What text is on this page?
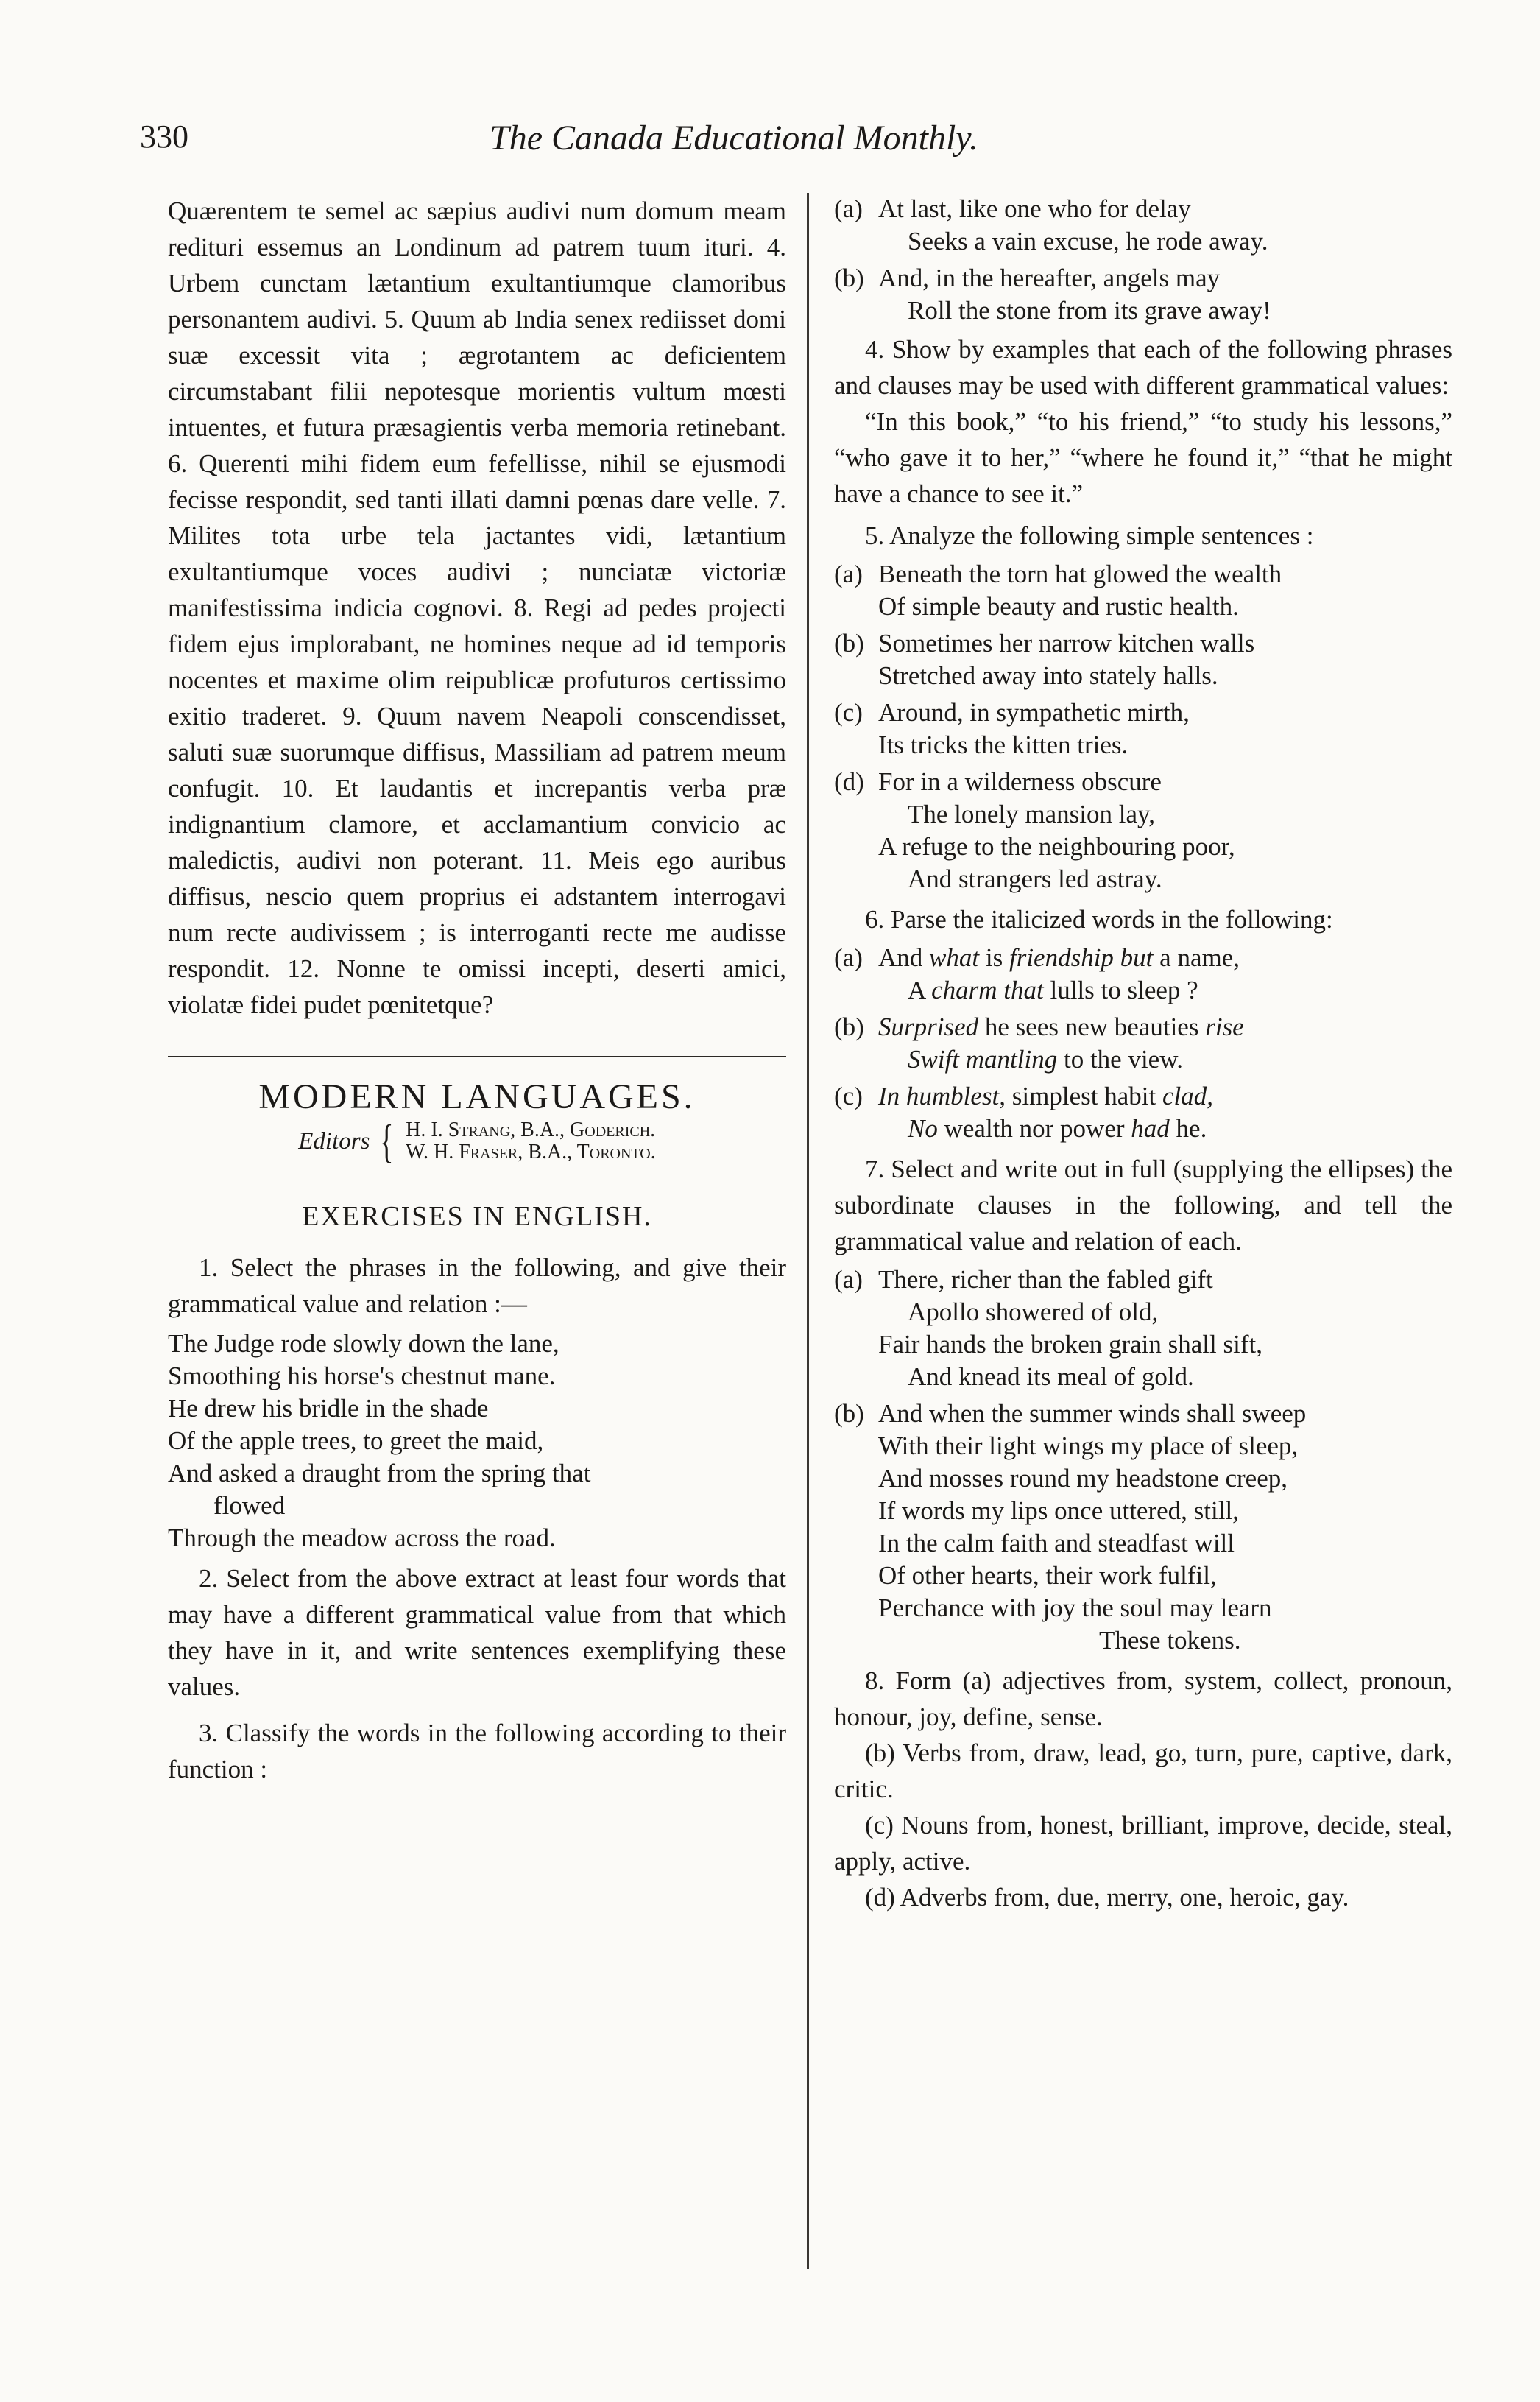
330	The Canada Educational Monthly.

Quærentem te semel ac sæpius audivi num domum meam redituri essemus an Londinum ad patrem tuum ituri. 4. Urbem cunctam lætantium exultantiumque clamoribus personantem audivi. 5. Quum ab India senex rediisset domi suæ excessit vita ; ægrotantem ac deficientem circumstabant filii nepotesque morientis vultum mœsti intuentes, et futura præsagientis verba memoria retinebant. 6. Querenti mihi fidem eum fefellisse, nihil se ejusmodi fecisse respondit, sed tanti illati damni pœnas dare velle. 7. Milites tota urbe tela jactantes vidi, lætantium exultantiumque voces audivi ; nunciatæ victoriæ manifestissima indicia cognovi. 8. Regi ad pedes projecti fidem ejus implorabant, ne homines neque ad id temporis nocentes et maxime olim reipublicæ profuturos certissimo exitio traderet. 9. Quum navem Neapoli conscendisset, saluti suæ suorumque diffisus, Massiliam ad patrem meum confugit. 10. Et laudantis et increpantis verba præ indignantium clamore, et acclamantium convicio ac maledictis, audivi non poterant. 11. Meis ego auribus diffisus, nescio quem proprius ei adstantem interrogavi num recte audivissem ; is interroganti recte me audisse respondit. 12. Nonne te omissi incepti, deserti amici, violatæ fidei pudet pœnitetque?

MODERN LANGUAGES.
Editors { H. I. Strang, B.A., Goderich.
W. H. Fraser, B.A., Toronto.
EXERCISES IN ENGLISH.

1. Select the phrases in the following, and give their grammatical value and relation :—

The Judge rode slowly down the lane,
Smoothing his horse's chestnut mane.
He drew his bridle in the shade
Of the apple trees, to greet the maid,
And asked a draught from the spring that
flowed
Through the meadow across the road.

2. Select from the above extract at least four words that may have a different grammatical value from that which they have in it, and write sentences exemplifying these values.

3. Classify the words in the following according to their function :

(a) At last, like one who for delay
Seeks a vain excuse, he rode away.
(b) And, in the hereafter, angels may
Roll the stone from its grave away!

4. Show by examples that each of the following phrases and clauses may be used with different grammatical values:

“In this book,” “to his friend,” “to study his lessons,” “who gave it to her,” “where he found it,” “that he might have a chance to see it.”

5. Analyze the following simple sentences :

(a) Beneath the torn hat glowed the wealth
Of simple beauty and rustic health.
(b) Sometimes her narrow kitchen walls
Stretched away into stately halls.
(c) Around, in sympathetic mirth,
Its tricks the kitten tries.
(d) For in a wilderness obscure
The lonely mansion lay,
A refuge to the neighbouring poor,
And strangers led astray.

6. Parse the italicized words in the following:

(a) And what is friendship but a name,
A charm that lulls to sleep ?
(b) Surprised he sees new beauties rise
Swift mantling to the view.
(c) In humblest, simplest habit clad,
No wealth nor power had he.

7. Select and write out in full (supplying the ellipses) the subordinate clauses in the following, and tell the grammatical value and relation of each.

(a) There, richer than the fabled gift
Apollo showered of old,
Fair hands the broken grain shall sift,
And knead its meal of gold.
(b) And when the summer winds shall sweep
With their light wings my place of sleep,
And mosses round my headstone creep,
If words my lips once uttered, still,
In the calm faith and steadfast will
Of other hearts, their work fulfil,
Perchance with joy the soul may learn
These tokens.

8. Form (a) adjectives from, system, collect, pronoun, honour, joy, define, sense.

(b) Verbs from, draw, lead, go, turn, pure, captive, dark, critic.

(c) Nouns from, honest, brilliant, improve, decide, steal, apply, active.

(d) Adverbs from, due, merry, one, heroic, gay.
